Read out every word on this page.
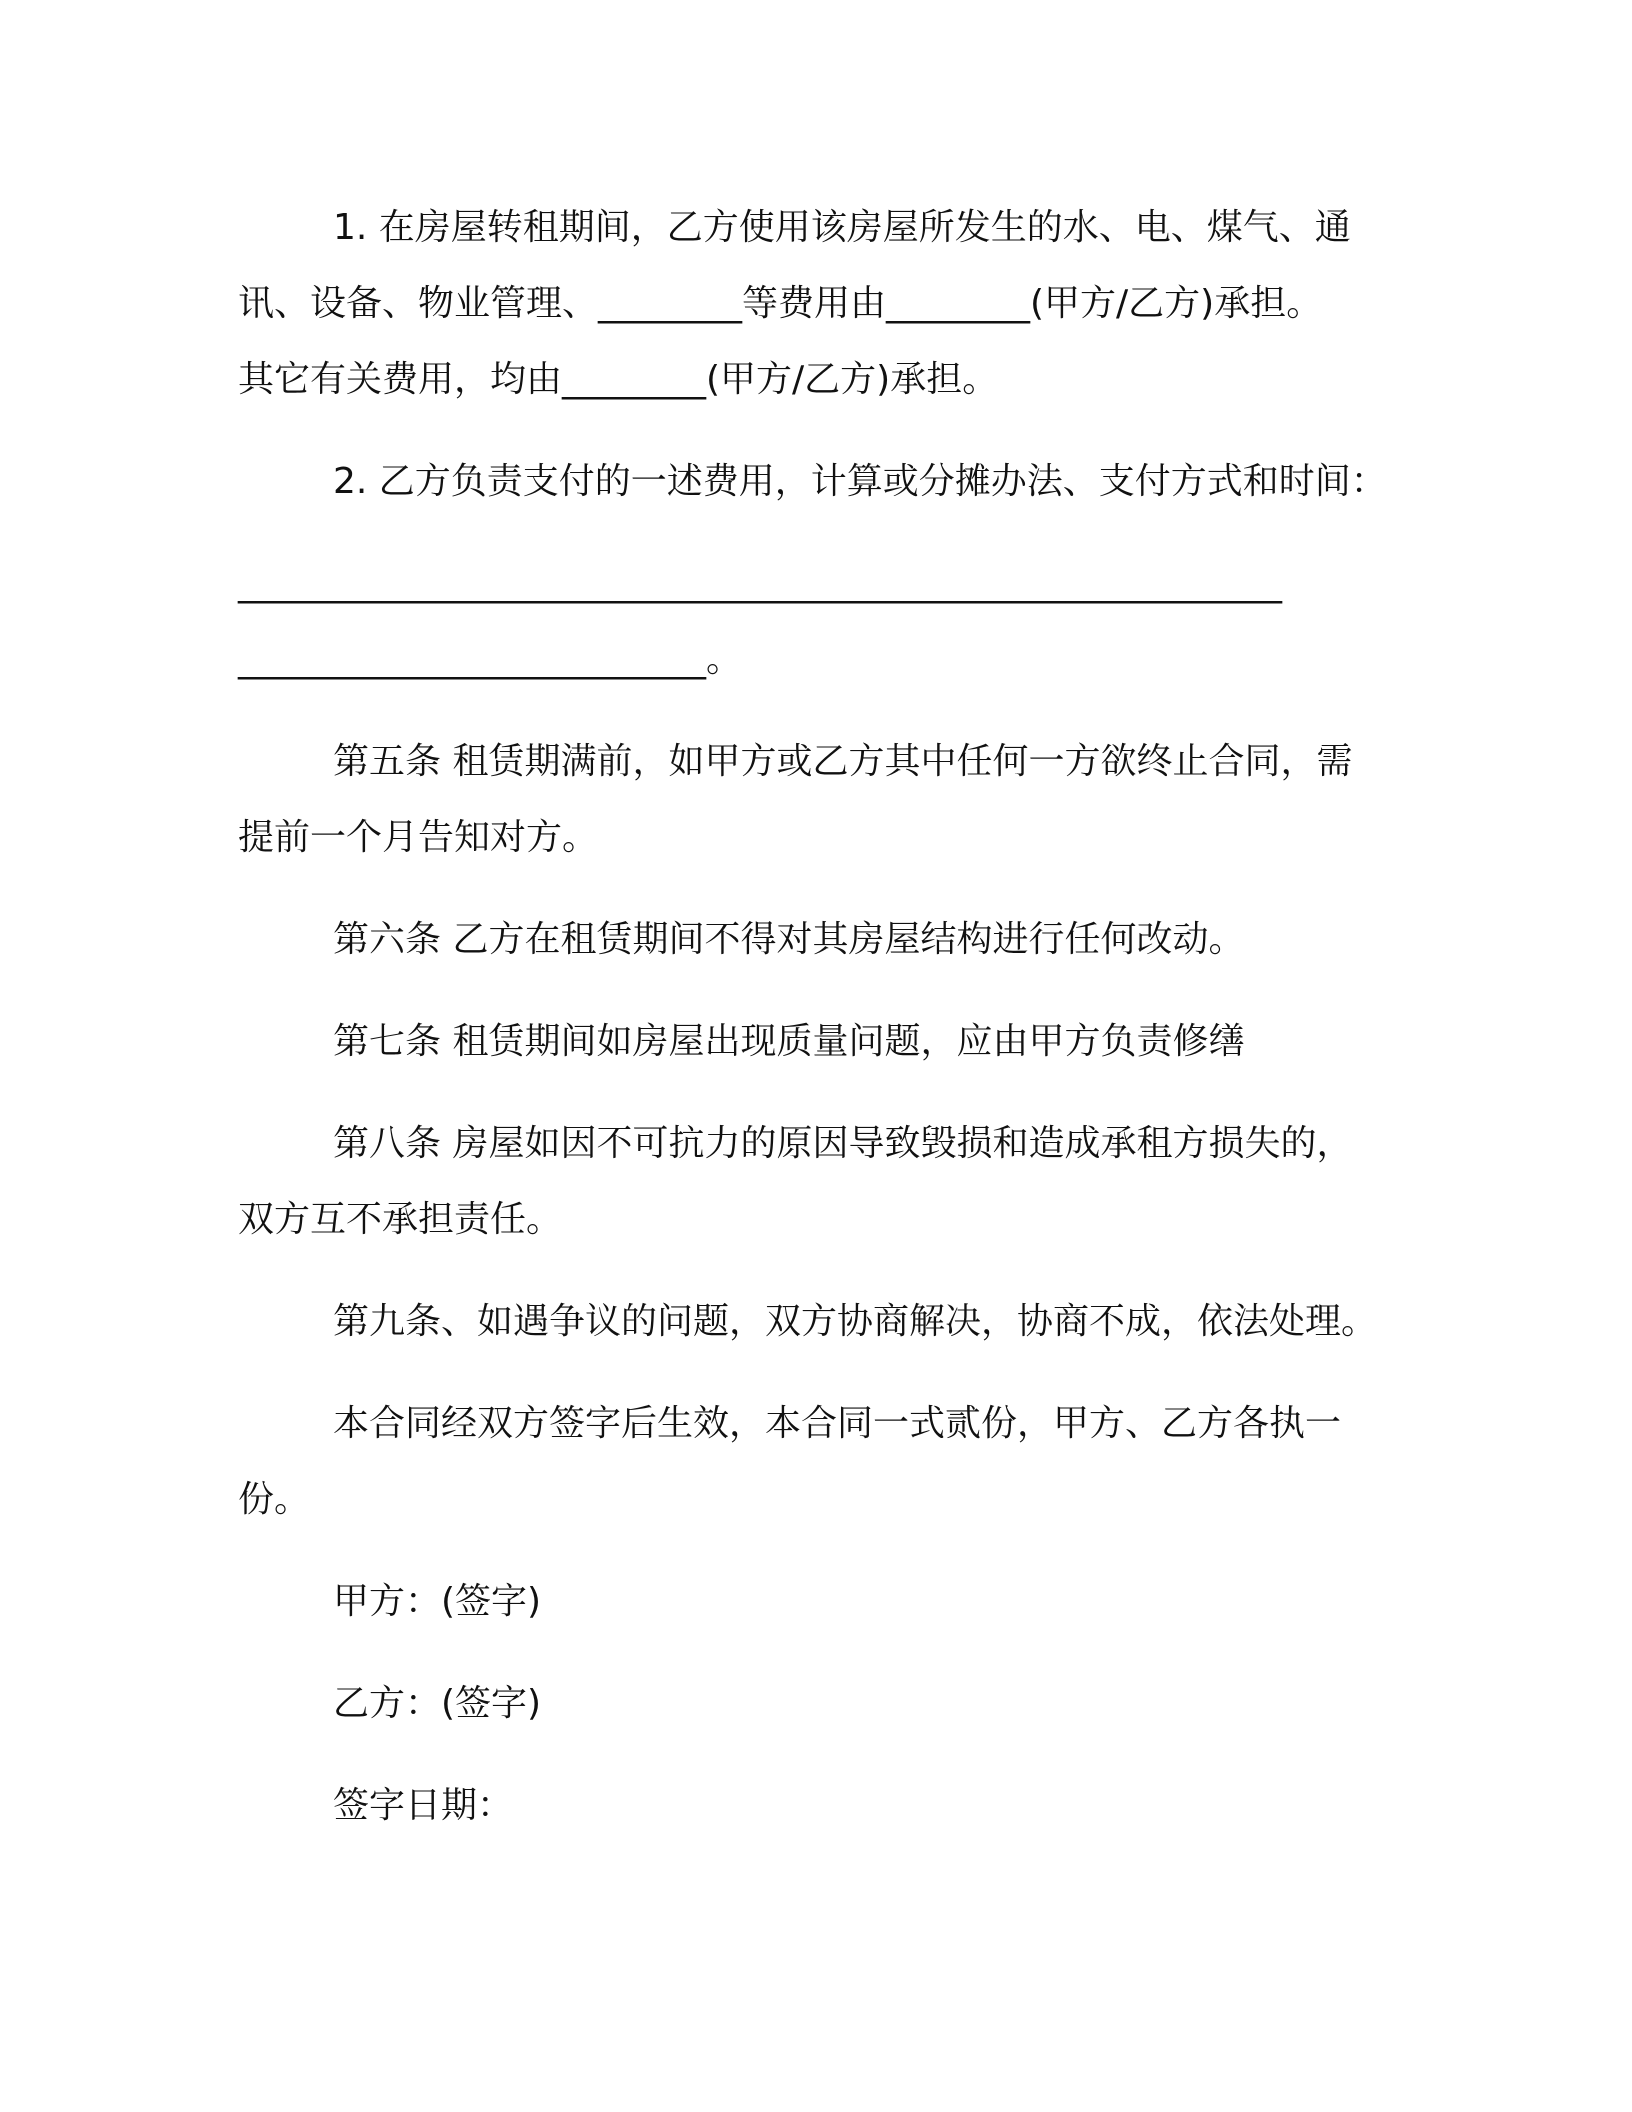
1. 在房屋转租期间，乙方使用该房屋所发生的水、电、煤气、通
讯、设备、物业管理、________等费用由________(甲方/乙方)承担。
其它有关费用，均由________(甲方/乙方)承担。
2. 乙方负责支付的一述费用，计算或分摊办法、支付方式和时间：
__________________________________________________________
__________________________。
第五条 租赁期满前，如甲方或乙方其中任何一方欲终止合同，需
提前一个月告知对方。
第六条 乙方在租赁期间不得对其房屋结构进行任何改动。
第七条 租赁期间如房屋出现质量问题，应由甲方负责修缮
第八条 房屋如因不可抗力的原因导致毁损和造成承租方损失的，
双方互不承担责任。
第九条、如遇争议的问题，双方协商解决，协商不成，依法处理。
本合同经双方签字后生效，本合同一式贰份，甲方、乙方各执一
份。
甲方：(签字)
乙方：(签字)
签字日期：
